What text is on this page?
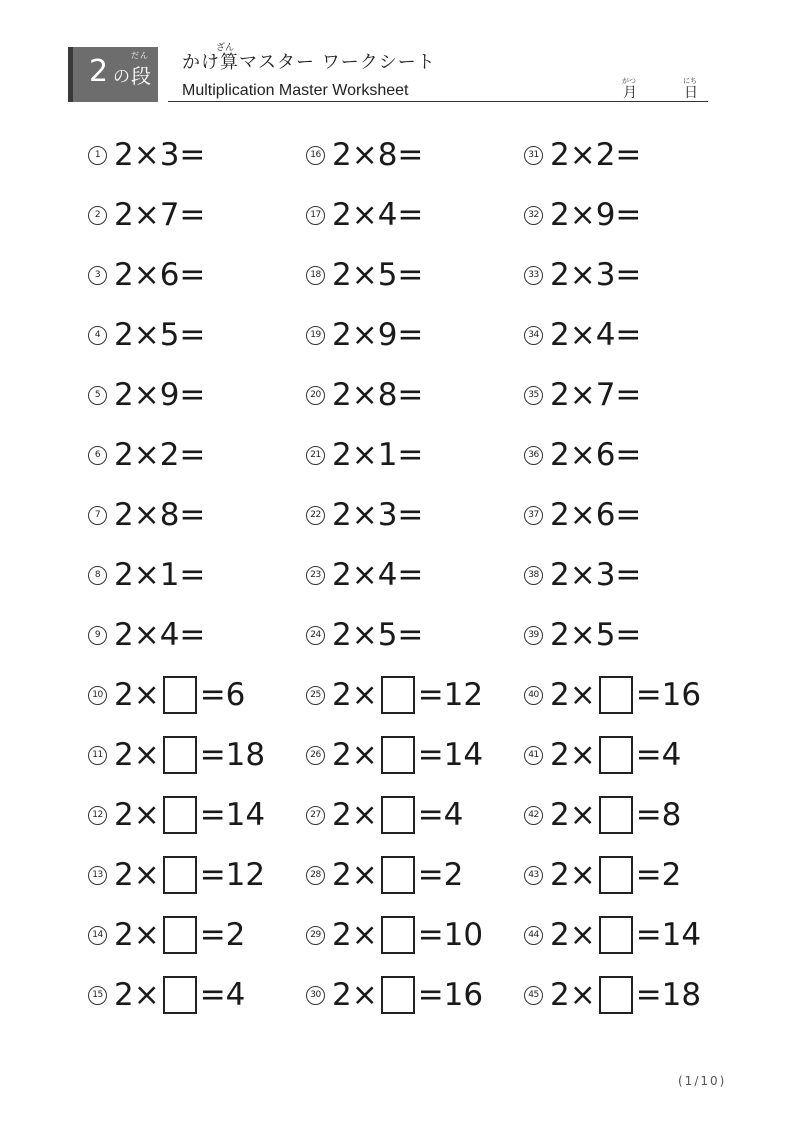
2 の
だん
段
ざん
かけ算マスター ワークシート
Multiplication Master Worksheet
がつ
月
にち
日
1 2×3=
2 2×7=
3 2×6=
4 2×5=
5 2×9=
6 2×2=
7 2×8=
8 2×1=
9 2×4=
10 2× =6
11 2× =18
12 2× =14
13 2× =12
14 2× =2
15 2× =4
16 2×8=
17 2×4=
18 2×5=
19 2×9=
20 2×8=
21 2×1=
22 2×3=
23 2×4=
24 2×5=
25 2× =12
26 2× =14
27 2× =4
28 2× =2
29 2× =10
30 2× =16
31 2×2=
32 2×9=
33 2×3=
34 2×4=
35 2×7=
36 2×6=
37 2×6=
38 2×3=
39 2×5=
40 2× =16
41 2× =4
42 2× =8
43 2× =2
44 2× =14
45 2× =18
(1/10)
